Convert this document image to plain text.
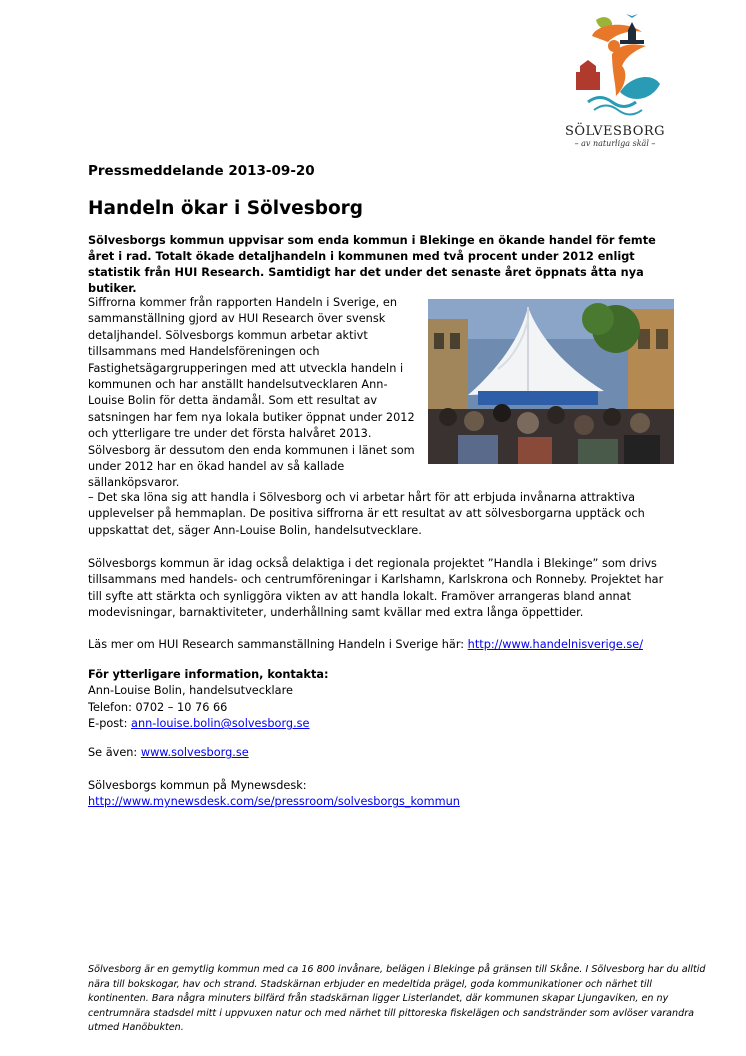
SÖLVESBORG
– av naturliga skäl –
Pressmeddelande 2013-09-20
Handeln ökar i Sölvesborg
Sölvesborgs kommun uppvisar som enda kommun i Blekinge en ökande handel för femte året i rad. Totalt ökade detaljhandeln i kommunen med två procent under 2012 enligt statistik från HUI Research. Samtidigt har det under det senaste året öppnats åtta nya butiker.
Siffrorna kommer från rapporten Handeln i Sverige, en sammanställning gjord av HUI Research över svensk detaljhandel. Sölvesborgs kommun arbetar aktivt tillsammans med Handelsföreningen och Fastighetsägargrupperingen med att utveckla handeln i kommunen och har anställt handelsutvecklaren Ann-Louise Bolin för detta ändamål. Som ett resultat av satsningen har fem nya lokala butiker öppnat under 2012 och ytterligare tre under det första halvåret 2013. Sölvesborg är dessutom den enda kommunen i länet som under 2012 har en ökad handel av så kallade sällanköpsvaror.
– Det ska löna sig att handla i Sölvesborg och vi arbetar hårt för att erbjuda invånarna attraktiva upplevelser på hemmaplan. De positiva siffrorna är ett resultat av att sölvesborgarna upptäck och uppskattat det, säger Ann-Louise Bolin, handelsutvecklare.
Sölvesborgs kommun är idag också delaktiga i det regionala projektet ”Handla i Blekinge” som drivs tillsammans med handels- och centrumföreningar i Karlshamn, Karlskrona och Ronneby. Projektet har till syfte att stärkta och synliggöra vikten av att handla lokalt. Framöver arrangeras bland annat modevisningar, barnaktiviteter, underhållning samt kvällar med extra långa öppettider.
Läs mer om HUI Research sammanställning Handeln i Sverige här: http://www.handelnisverige.se/
För ytterligare information, kontakta:
Ann-Louise Bolin, handelsutvecklare
Telefon: 0702 – 10 76 66
E-post: ann-louise.bolin@solvesborg.se
Se även: www.solvesborg.se
Sölvesborgs kommun på Mynewsdesk: http://www.mynewsdesk.com/se/pressroom/solvesborgs_kommun
Sölvesborg är en gemytlig kommun med ca 16 800 invånare, belägen i Blekinge på gränsen till Skåne. I Sölvesborg har du alltid nära till bokskogar, hav och strand. Stadskärnan erbjuder en medeltida prägel, goda kommunikationer och närhet till kontinenten. Bara några minuters bilfärd från stadskärnan ligger Listerlandet, där kommunen skapar Ljungaviken, en ny centrumnära stadsdel mitt i uppvuxen natur och med närhet till pittoreska fiskelägen och sandstränder som avlöser varandra utmed Hanöbukten.
